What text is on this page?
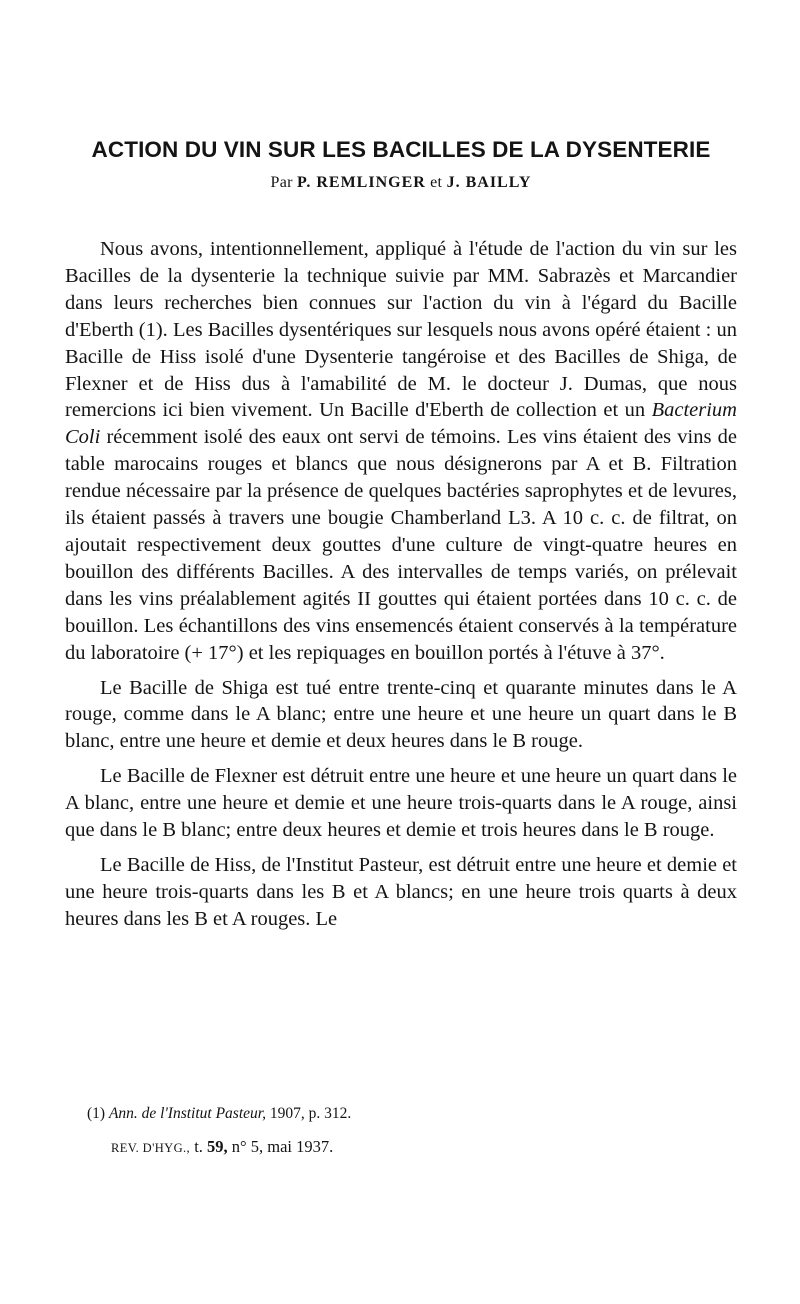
ACTION DU VIN SUR LES BACILLES DE LA DYSENTERIE
Par P. REMLINGER et J. BAILLY

Nous avons, intentionnellement, appliqué à l'étude de l'action du vin sur les Bacilles de la dysenterie la technique suivie par MM. Sabrazès et Marcandier dans leurs recherches bien connues sur l'action du vin à l'égard du Bacille d'Eberth (1). Les Bacilles dysentériques sur lesquels nous avons opéré étaient : un Bacille de Hiss isolé d'une Dysenterie tangéroise et des Bacilles de Shiga, de Flexner et de Hiss dus à l'amabilité de M. le docteur J. Dumas, que nous remercions ici bien vivement. Un Bacille d'Eberth de collection et un Bacterium Coli récemment isolé des eaux ont servi de témoins. Les vins étaient des vins de table marocains rouges et blancs que nous désignerons par A et B. Filtration rendue nécessaire par la présence de quelques bactéries saprophytes et de levures, ils étaient passés à travers une bougie Chamberland L3. A 10 c. c. de filtrat, on ajoutait respectivement deux gouttes d'une culture de vingt-quatre heures en bouillon des différents Bacilles. A des intervalles de temps variés, on prélevait dans les vins préalablement agités II gouttes qui étaient portées dans 10 c. c. de bouillon. Les échantillons des vins ensemencés étaient conservés à la température du laboratoire (+ 17°) et les repiquages en bouillon portés à l'étuve à 37°.

Le Bacille de Shiga est tué entre trente-cinq et quarante minutes dans le A rouge, comme dans le A blanc; entre une heure et une heure un quart dans le B blanc, entre une heure et demie et deux heures dans le B rouge.

Le Bacille de Flexner est détruit entre une heure et une heure un quart dans le A blanc, entre une heure et demie et une heure trois-quarts dans le A rouge, ainsi que dans le B blanc; entre deux heures et demie et trois heures dans le B rouge.

Le Bacille de Hiss, de l'Institut Pasteur, est détruit entre une heure et demie et une heure trois-quarts dans les B et A blancs; en une heure trois quarts à deux heures dans les B et A rouges. Le

(1) Ann. de l'Institut Pasteur, 1907, p. 312.
REV. D'HYG., t. 59, n° 5, mai 1937.
